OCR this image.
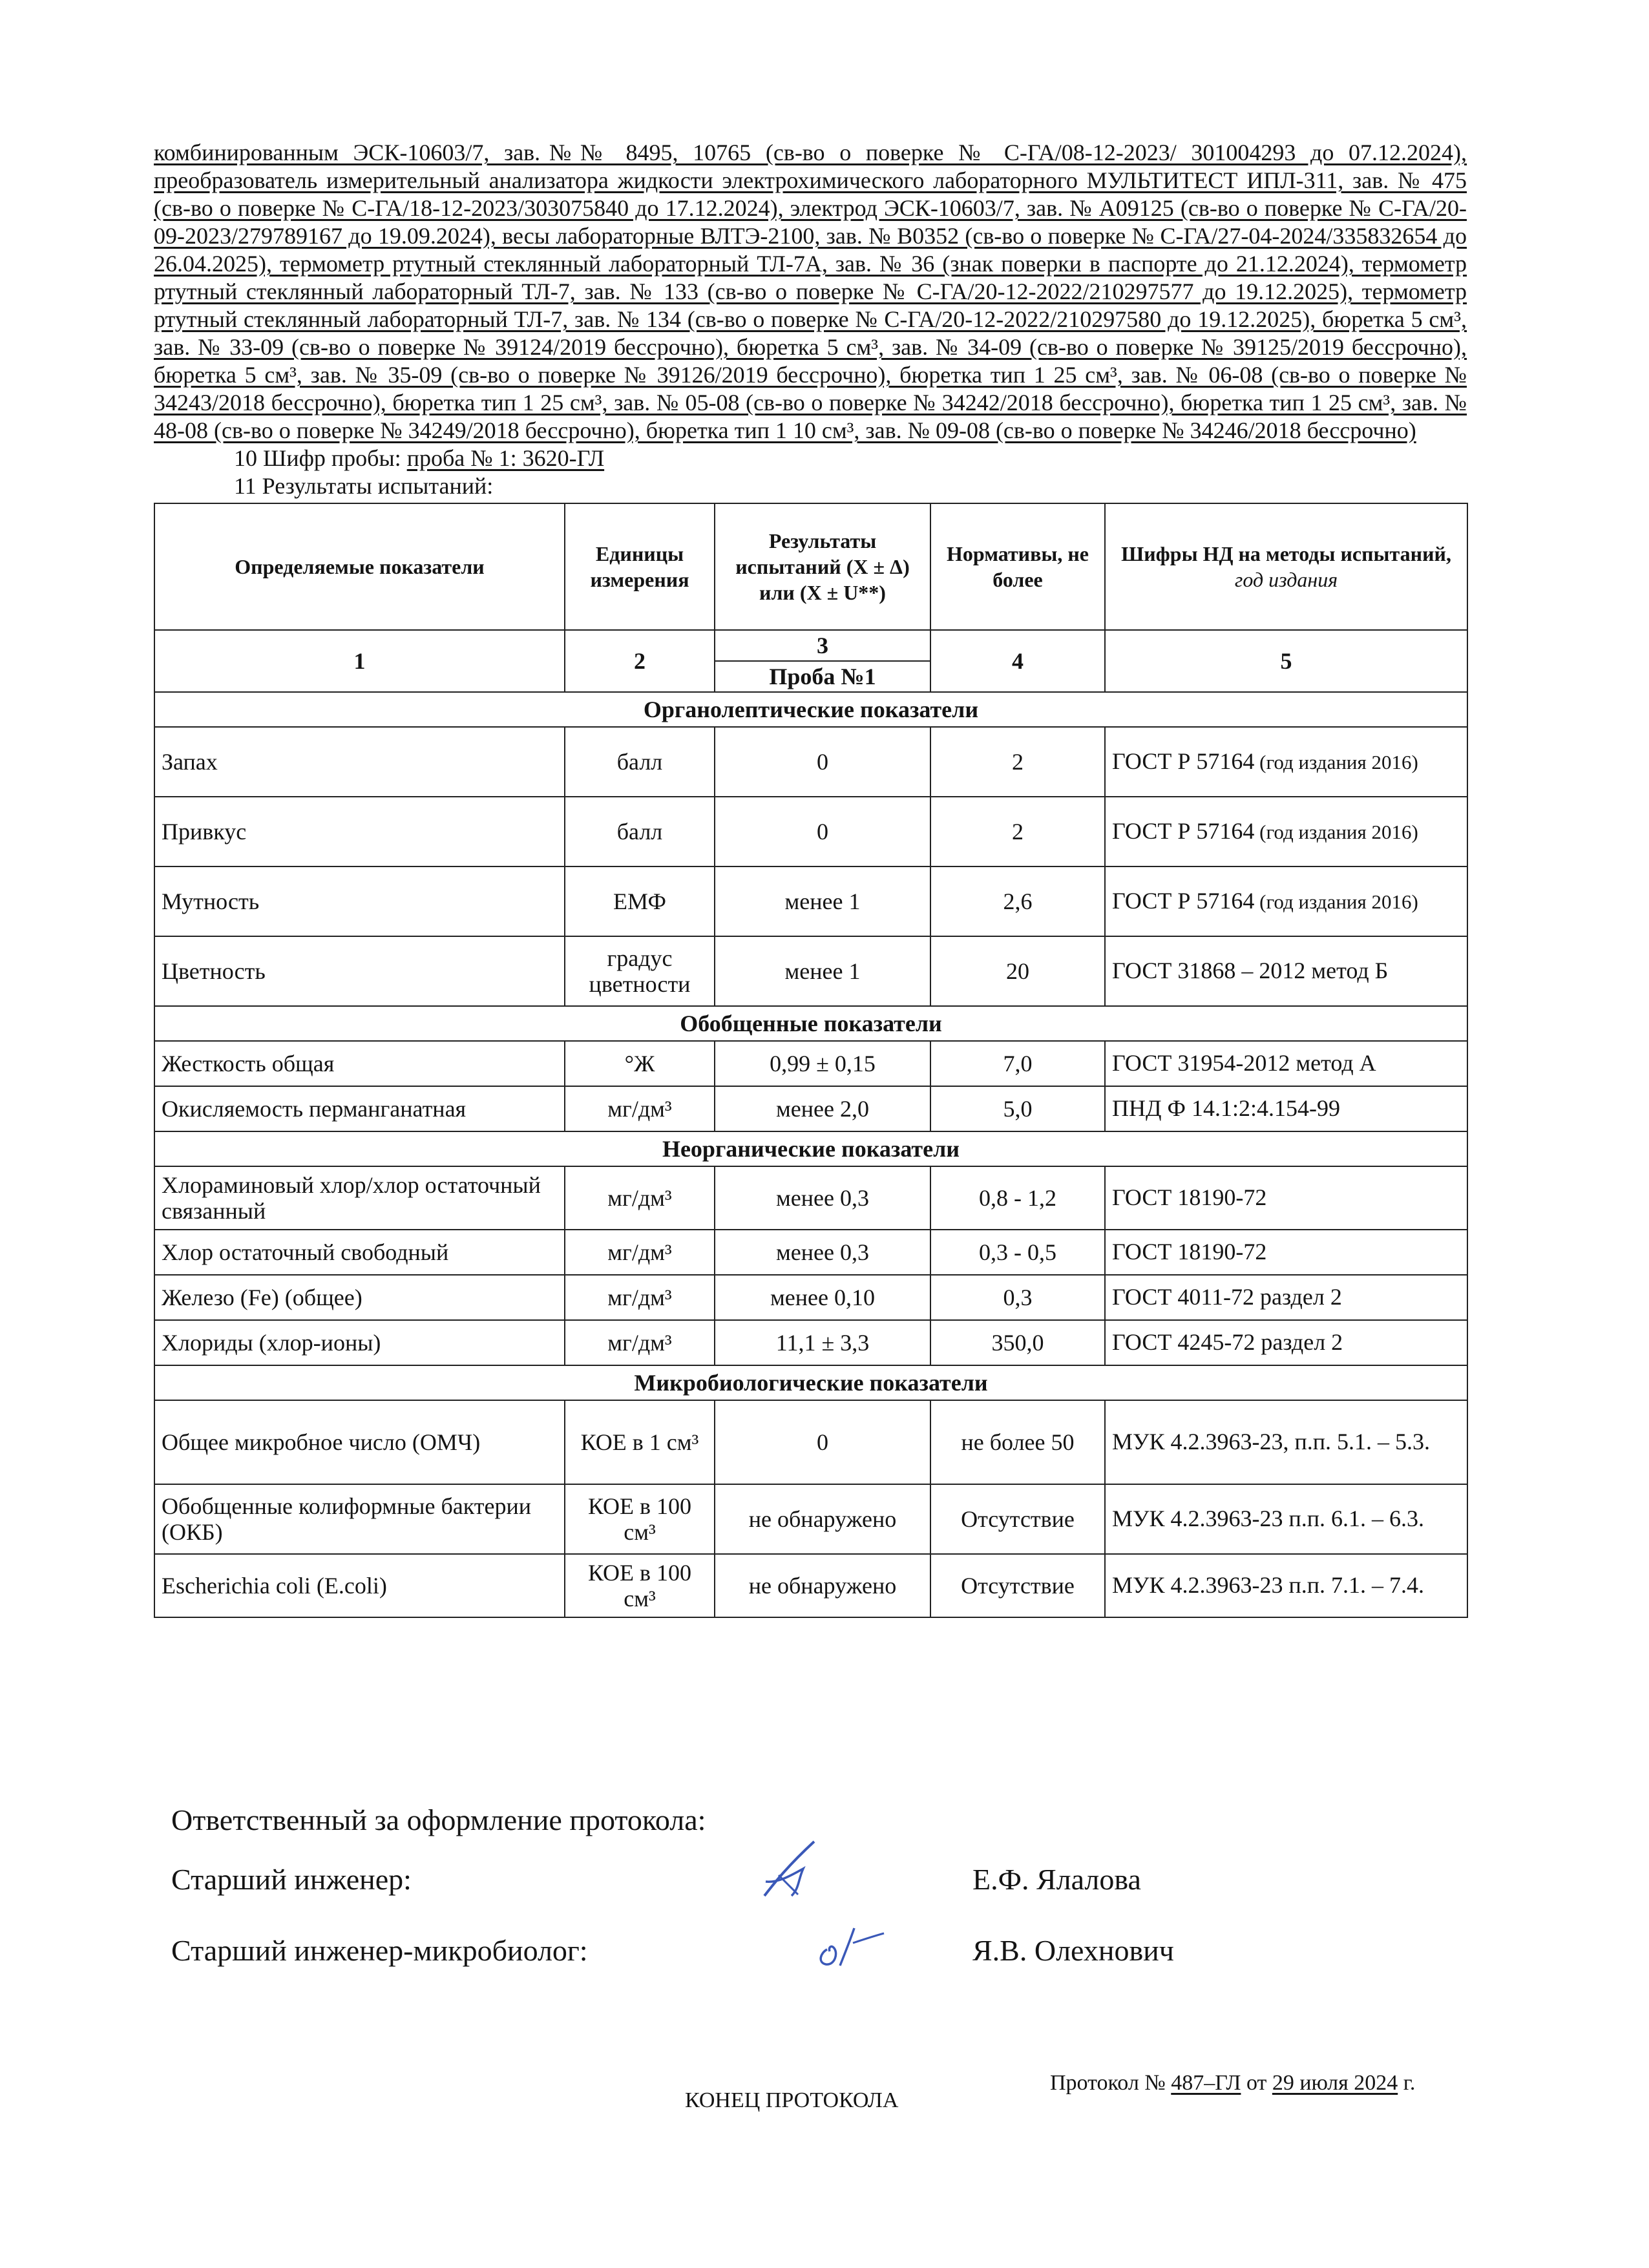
комбинированным ЭСК-10603/7, зав.№№ 8495, 10765 (св-во о поверке № С-ГА/08-12-2023/ 301004293 до 07.12.2024), преобразователь измерительный анализатора жидкости электрохимического лабораторного МУЛЬТИТЕСТ ИПЛ-311, зав. № 475 (св-во о поверке № С-ГА/18-12-2023/303075840 до 17.12.2024), электрод ЭСК-10603/7, зав. № А09125 (св-во о поверке № С-ГА/20-09-2023/279789167 до 19.09.2024), весы лабораторные ВЛТЭ-2100, зав. № В0352 (св-во о поверке № С-ГА/27-04-2024/335832654 до 26.04.2025), термометр ртутный стеклянный лабораторный ТЛ-7А, зав. № 36 (знак поверки в паспорте до 21.12.2024), термометр ртутный стеклянный лабораторный ТЛ-7, зав. № 133 (св-во о поверке № С-ГА/20-12-2022/210297577 до 19.12.2025), термометр ртутный стеклянный лабораторный ТЛ-7, зав. № 134 (св-во о поверке № С-ГА/20-12-2022/210297580 до 19.12.2025), бюретка 5 см³, зав. № 33-09 (св-во о поверке № 39124/2019 бессрочно), бюретка 5 см³, зав. № 34-09 (св-во о поверке № 39125/2019 бессрочно), бюретка 5 см³, зав. № 35-09 (св-во о поверке № 39126/2019 бессрочно), бюретка тип 1 25 см³, зав. № 06-08 (св-во о поверке № 34243/2018 бессрочно), бюретка тип 1 25 см³, зав. № 05-08 (св-во о поверке № 34242/2018 бессрочно), бюретка тип 1 25 см³, зав. № 48-08 (св-во о поверке № 34249/2018 бессрочно), бюретка тип 1 10 см³, зав. № 09-08 (св-во о поверке № 34246/2018 бессрочно)
10 Шифр пробы: проба № 1: 3620-ГЛ
11 Результаты испытаний:
Определяемые показатели	Единицы измерения	Результаты испытаний (Х ± Δ) или (Х ± U**)	Нормативы, не более	Шифры НД на методы испытаний,
год издания
1	2	3	4	5
		Проба №1		
Органолептические показатели				
Запах	балл	0	2	ГОСТ Р 57164 (год издания 2016)
Привкус	балл	0	2	ГОСТ Р 57164 (год издания 2016)
Мутность	ЕМФ	менее 1	2,6	ГОСТ Р 57164 (год издания 2016)
Цветность	градус цветности	менее 1	20	ГОСТ 31868 – 2012 метод Б
Обобщенные показатели				
Жесткость общая	°Ж	0,99 ± 0,15	7,0	ГОСТ 31954-2012 метод А
Окисляемость перманганатная	мг/дм³	менее 2,0	5,0	ПНД Ф 14.1:2:4.154-99
Неорганические показатели				
Хлораминовый хлор/хлор остаточный связанный	мг/дм³	менее 0,3	0,8 - 1,2	ГОСТ 18190-72
Хлор остаточный свободный	мг/дм³	менее 0,3	0,3 - 0,5	ГОСТ 18190-72
Железо (Fe) (общее)	мг/дм³	менее 0,10	0,3	ГОСТ 4011-72 раздел 2
Хлориды (хлор-ионы)	мг/дм³	11,1 ± 3,3	350,0	ГОСТ 4245-72 раздел 2
Микробиологические показатели				
Общее микробное число (ОМЧ)	КОЕ в 1 см³	0	не более 50	МУК 4.2.3963-23, п.п. 5.1. – 5.3.
Обобщенные колиформные бактерии (ОКБ)	КОЕ в 100 см³	не обнаружено	Отсутствие	МУК 4.2.3963-23 п.п. 6.1. – 6.3.
Escherichia coli (E.coli)	КОЕ в 100 см³	не обнаружено	Отсутствие	МУК 4.2.3963-23 п.п. 7.1. – 7.4.
Ответственный за оформление протокола:
Старший инженер:	Е.Ф. Ялалова
Старший инженер-микробиолог:	Я.В. Олехнович
КОНЕЦ ПРОТОКОЛА
Протокол № 487–ГЛ от 29 июля 2024 г.
